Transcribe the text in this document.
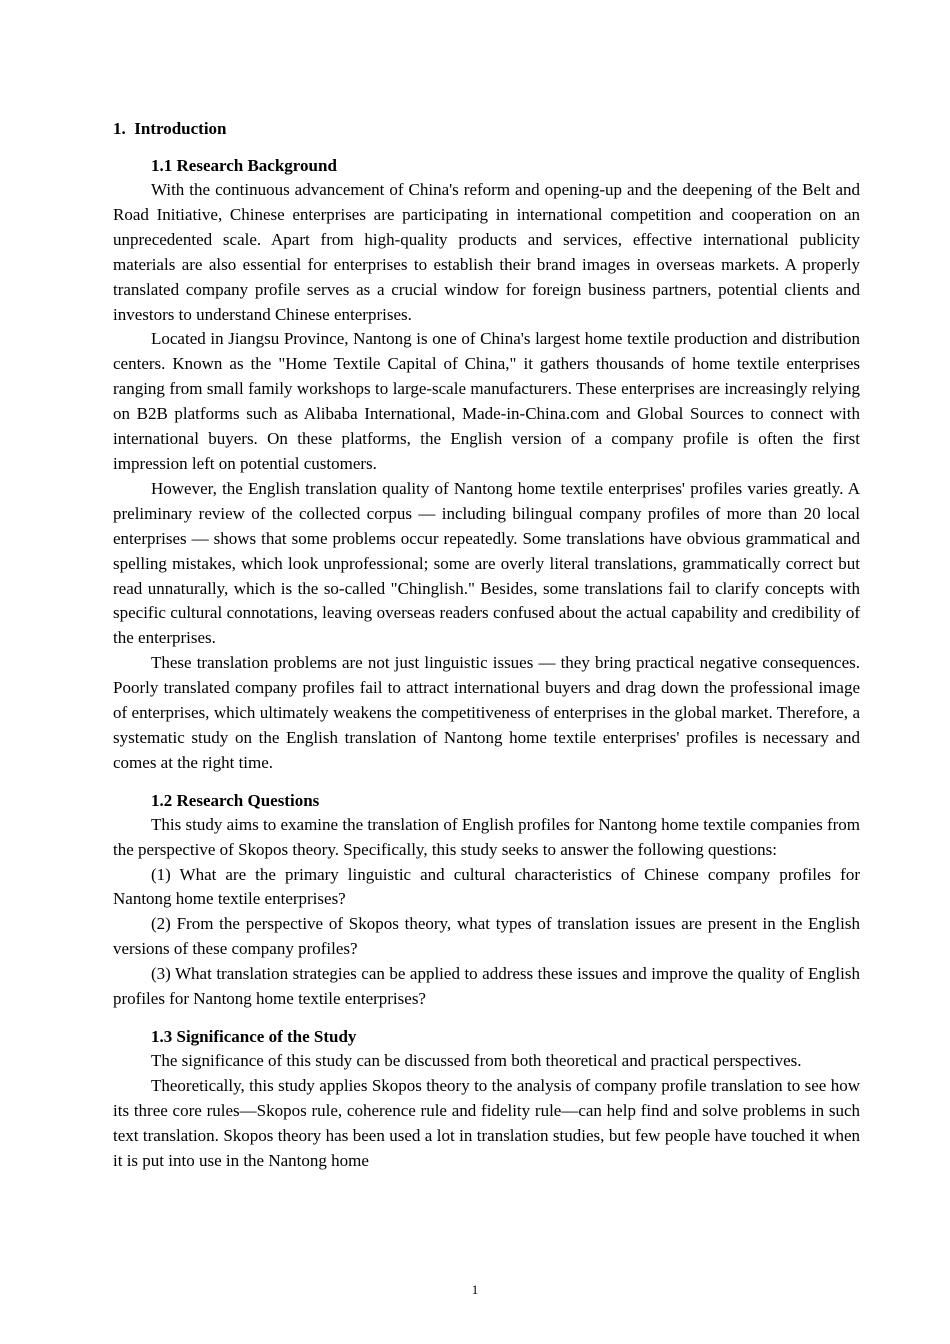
1.  Introduction
1.1 Research Background

With the continuous advancement of China's reform and opening-up and the deepening of the Belt and Road Initiative, Chinese enterprises are participating in international competition and cooperation on an unprecedented scale. Apart from high-quality products and services, effective international publicity materials are also essential for enterprises to establish their brand images in overseas markets. A properly translated company profile serves as a crucial window for foreign business partners, potential clients and investors to understand Chinese enterprises.

Located in Jiangsu Province, Nantong is one of China's largest home textile production and distribution centers. Known as the "Home Textile Capital of China," it gathers thousands of home textile enterprises ranging from small family workshops to large-scale manufacturers. These enterprises are increasingly relying on B2B platforms such as Alibaba International, Made-in-China.com and Global Sources to connect with international buyers. On these platforms, the English version of a company profile is often the first impression left on potential customers.

However, the English translation quality of Nantong home textile enterprises' profiles varies greatly. A preliminary review of the collected corpus — including bilingual company profiles of more than 20 local enterprises — shows that some problems occur repeatedly. Some translations have obvious grammatical and spelling mistakes, which look unprofessional; some are overly literal translations, grammatically correct but read unnaturally, which is the so-called "Chinglish." Besides, some translations fail to clarify concepts with specific cultural connotations, leaving overseas readers confused about the actual capability and credibility of the enterprises.

These translation problems are not just linguistic issues — they bring practical negative consequences. Poorly translated company profiles fail to attract international buyers and drag down the professional image of enterprises, which ultimately weakens the competitiveness of enterprises in the global market. Therefore, a systematic study on the English translation of Nantong home textile enterprises' profiles is necessary and comes at the right time.

1.2 Research Questions

This study aims to examine the translation of English profiles for Nantong home textile companies from the perspective of Skopos theory. Specifically, this study seeks to answer the following questions:

(1) What are the primary linguistic and cultural characteristics of Chinese company profiles for Nantong home textile enterprises?

(2) From the perspective of Skopos theory, what types of translation issues are present in the English versions of these company profiles?

(3) What translation strategies can be applied to address these issues and improve the quality of English profiles for Nantong home textile enterprises?

1.3 Significance of the Study

The significance of this study can be discussed from both theoretical and practical perspectives.

Theoretically, this study applies Skopos theory to the analysis of company profile translation to see how its three core rules—Skopos rule, coherence rule and fidelity rule—can help find and solve problems in such text translation. Skopos theory has been used a lot in translation studies, but few people have touched it when it is put into use in the Nantong home

1
